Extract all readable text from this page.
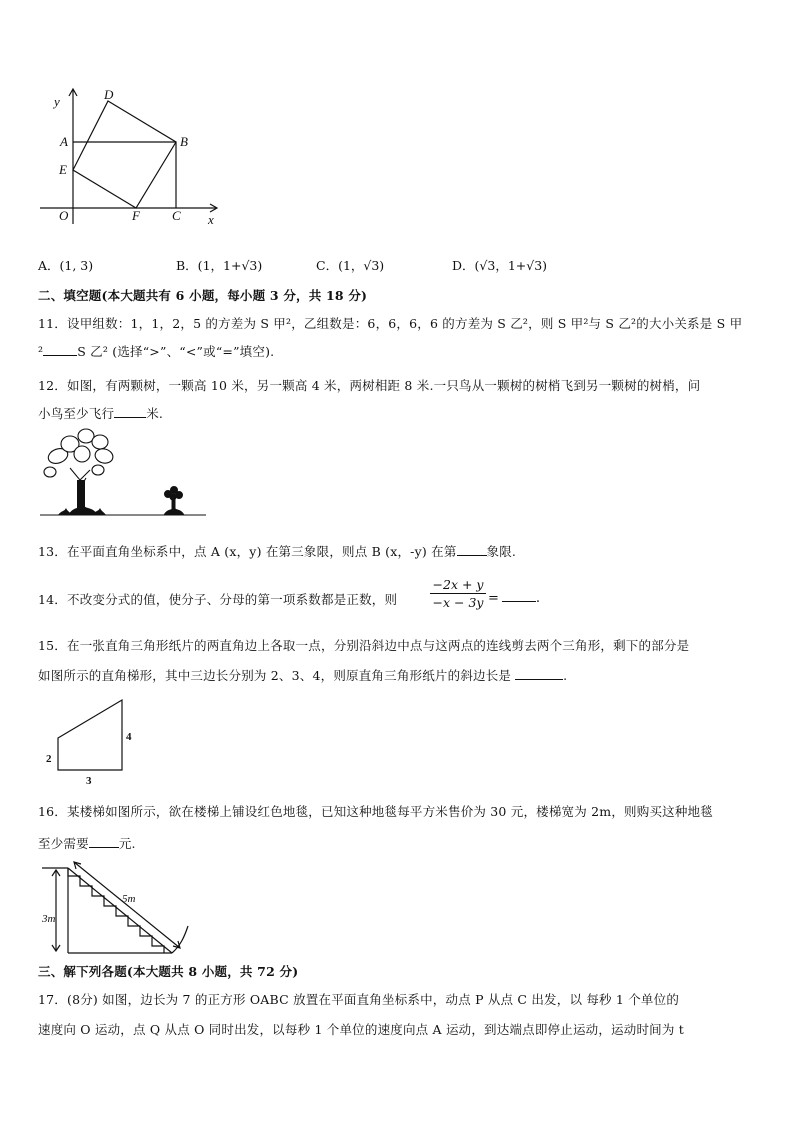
y	D
A	B
E
O	F C x
A．(1, 3)	B．(1，1+√3)	C．(1，√3)	D．(√3，1+√3)
二、填空题(本大题共有 6 小题，每小题 3 分，共 18 分)
11．设甲组数：1，1，2，5 的方差为 S 甲²，乙组数是：6，6，6，6 的方差为 S 乙²，则 S 甲²与 S 乙²的大小关系是 S 甲
²	S 乙² (选择“>”、“<”或“=”填空).
12．如图，有两颗树，一颗高 10 米，另一颗高 4 米，两树相距 8 米.一只鸟从一颗树的树梢飞到另一颗树的树梢，问
小鸟至少飞行	米.
13．在平面直角坐标系中，点 A (x，y) 在第三象限，则点 B (x，-y) 在第 象限.
14．不改变分式的值，使分子、分母的第一项系数都是正数，则	$\frac{-2x + y}{-x - 3y}$ =	.
15．在一张直角三角形纸片的两直角边上各取一点，分别沿斜边中点与这两点的连线剪去两个三角形，剩下的部分是
如图所示的直角梯形，其中三边长分别为 2、3、4，则原直角三角形纸片的斜边长是	.
2
3
4
16．某楼梯如图所示，欲在楼梯上铺设红色地毯，已知这种地毯每平方米售价为 30 元，楼梯宽为 2m，则购买这种地毯
至少需要 元.
5m
3m
三、解下列各题(本大题共 8 小题，共 72 分)
17．(8分) 如图，边长为 7 的正方形 OABC 放置在平面直角坐标系中，动点 P 从点 C 出发，以 每秒 1 个单位的
速度向 O 运动，点 Q 从点 O 同时出发，以每秒 1 个单位的速度向点 A 运动，到达端点即停止运动，运动时间为 t
